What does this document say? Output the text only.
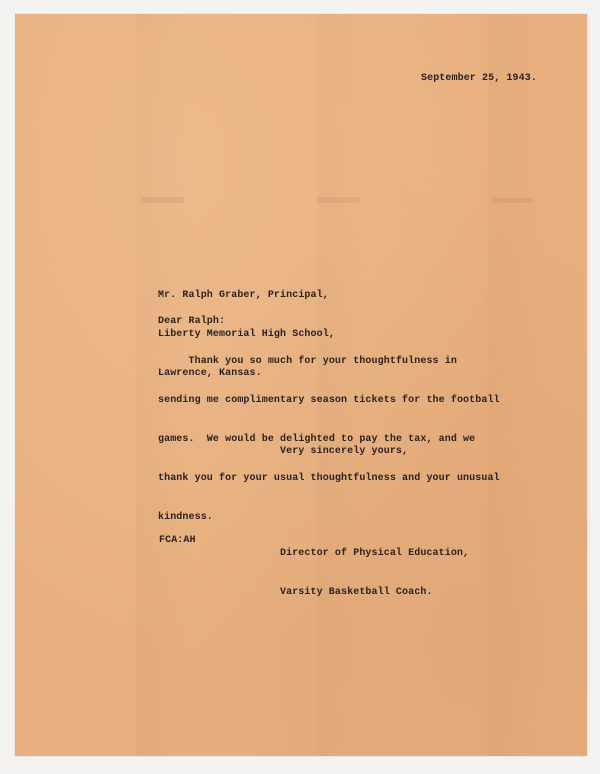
September 25, 1943.

Mr. Ralph Graber, Principal,

Liberty Memorial High School,

Lawrence, Kansas.

Dear Ralph:

Thank you so much for your thoughtfulness in

sending me complimentary season tickets for the football

games.  We would be delighted to pay the tax, and we

thank you for your usual thoughtfulness and your unusual

kindness.

Very sincerely yours,

Director of Physical Education,

Varsity Basketball Coach.

FCA:AH
